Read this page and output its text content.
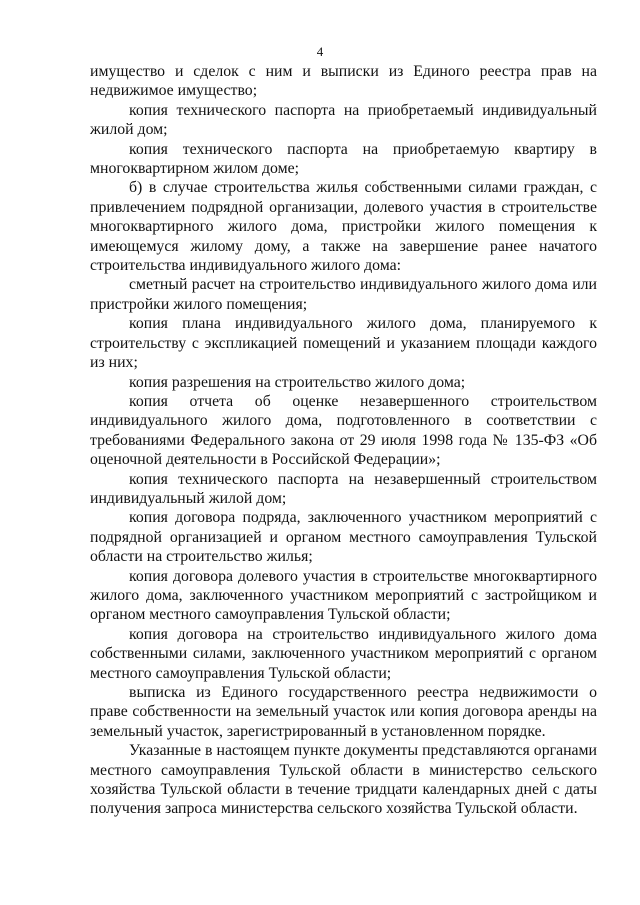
4

имущество и сделок с ним и выписки из Единого реестра прав на недвижимое имущество;

копия технического паспорта на приобретаемый индивидуальный жилой дом;

копия технического паспорта на приобретаемую квартиру в многоквартирном жилом доме;

б) в случае строительства жилья собственными силами граждан, с привлечением подрядной организации, долевого участия в строительстве многоквартирного жилого дома, пристройки жилого помещения к имеющемуся жилому дому, а также на завершение ранее начатого строительства индивидуального жилого дома:

сметный расчет на строительство индивидуального жилого дома или пристройки жилого помещения;

копия плана индивидуального жилого дома, планируемого к строительству с экспликацией помещений и указанием площади каждого из них;

копия разрешения на строительство жилого дома;

копия отчета об оценке незавершенного строительством индивидуального жилого дома, подготовленного в соответствии с требованиями Федерального закона от 29 июля 1998 года № 135-ФЗ «Об оценочной деятельности в Российской Федерации»;

копия технического паспорта на незавершенный строительством индивидуальный жилой дом;

копия договора подряда, заключенного участником мероприятий с подрядной организацией и органом местного самоуправления Тульской области на строительство жилья;

копия договора долевого участия в строительстве многоквартирного жилого дома, заключенного участником мероприятий с застройщиком и органом местного самоуправления Тульской области;

копия договора на строительство индивидуального жилого дома собственными силами, заключенного участником мероприятий с органом местного самоуправления Тульской области;

выписка из Единого государственного реестра недвижимости о праве собственности на земельный участок или копия договора аренды на земельный участок, зарегистрированный в установленном порядке.

Указанные в настоящем пункте документы представляются органами местного самоуправления Тульской области в министерство сельского хозяйства Тульской области в течение тридцати календарных дней с даты получения запроса министерства сельского хозяйства Тульской области.
